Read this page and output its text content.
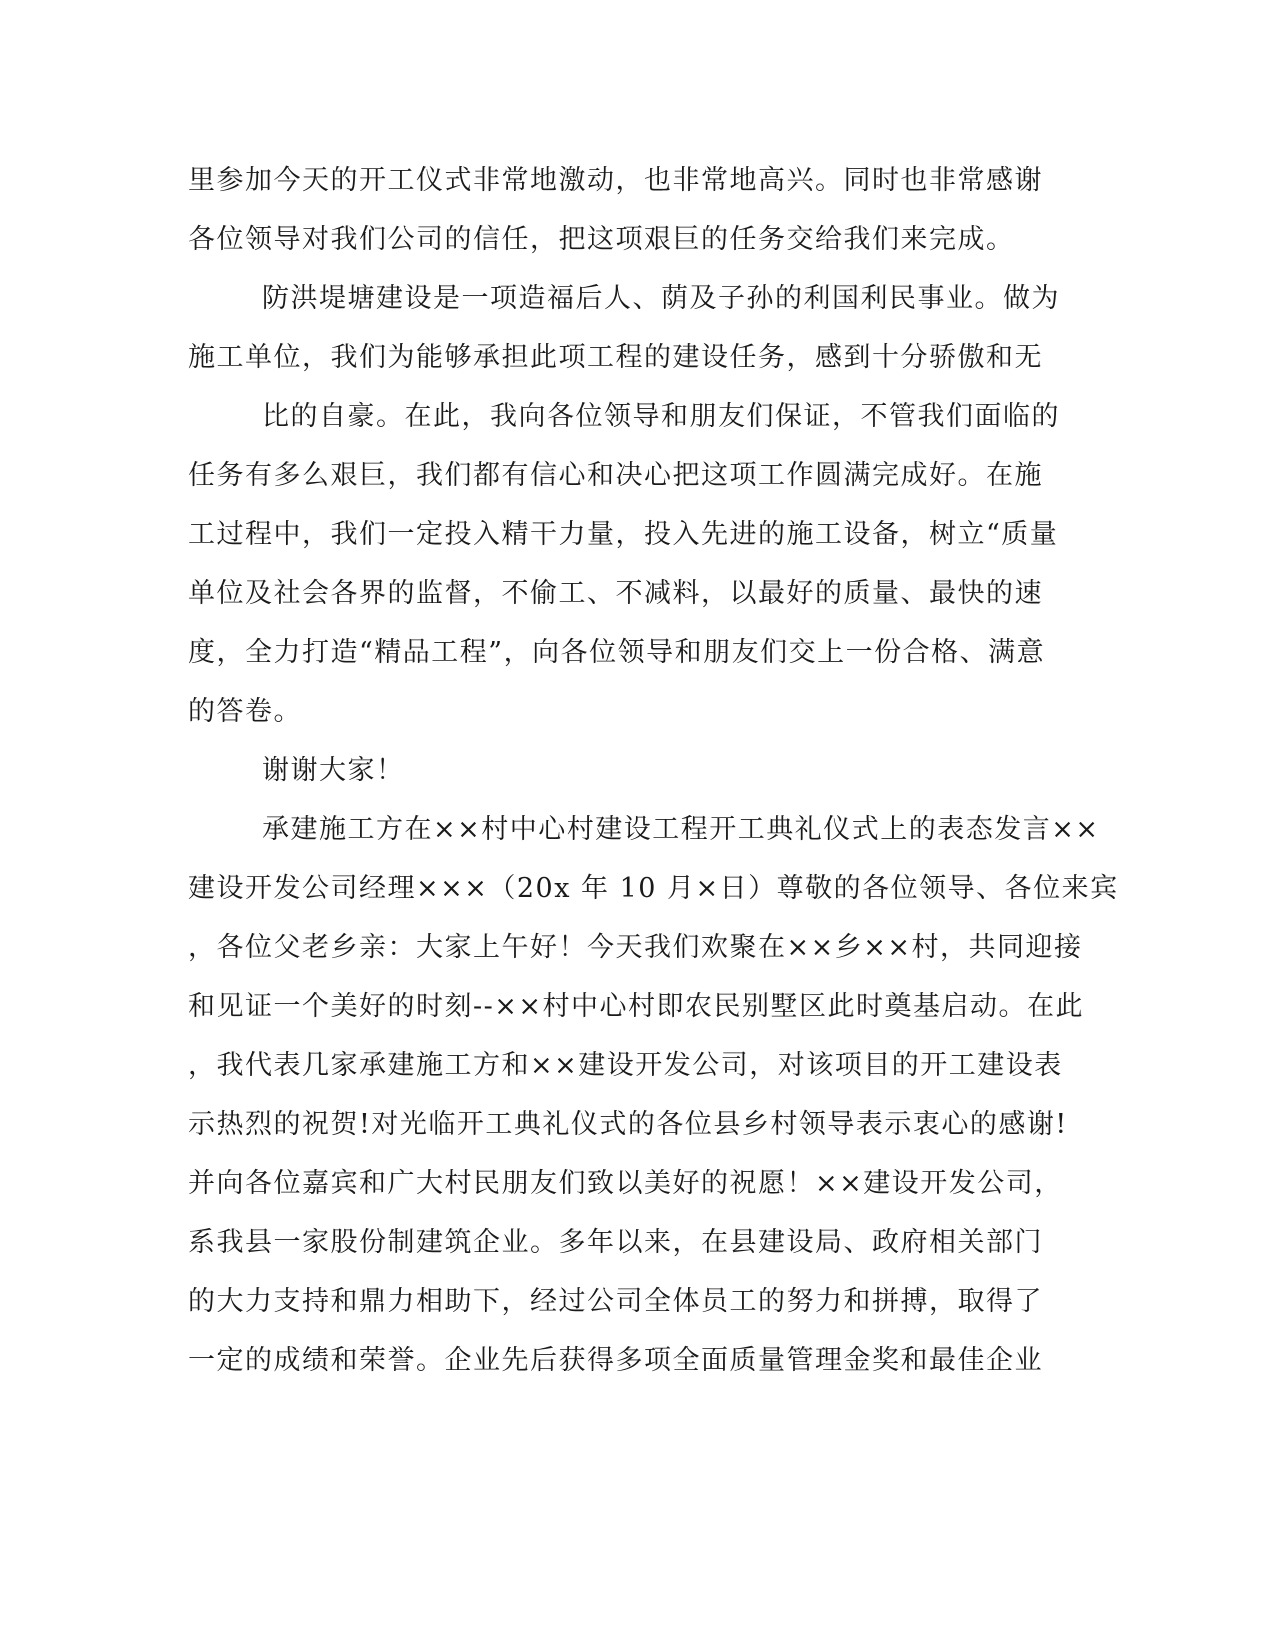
里参加今天的开工仪式非常地激动，也非常地高兴。同时也非常感谢
各位领导对我们公司的信任，把这项艰巨的任务交给我们来完成。
防洪堤塘建设是一项造福后人、荫及子孙的利国利民事业。做为
施工单位，我们为能够承担此项工程的建设任务，感到十分骄傲和无
比的自豪。在此，我向各位领导和朋友们保证，不管我们面临的
任务有多么艰巨，我们都有信心和决心把这项工作圆满完成好。在施
工过程中，我们一定投入精干力量，投入先进的施工设备，树立“质量
单位及社会各界的监督，不偷工、不减料，以最好的质量、最快的速
度，全力打造“精品工程”，向各位领导和朋友们交上一份合格、满意
的答卷。
谢谢大家！
承建施工方在××村中心村建设工程开工典礼仪式上的表态发言××
建设开发公司经理×××（20x 年 10 月×日）尊敬的各位领导、各位来宾
，各位父老乡亲：大家上午好！今天我们欢聚在××乡××村，共同迎接
和见证一个美好的时刻--××村中心村即农民别墅区此时奠基启动。在此
，我代表几家承建施工方和××建设开发公司，对该项目的开工建设表
示热烈的祝贺!对光临开工典礼仪式的各位县乡村领导表示衷心的感谢!
并向各位嘉宾和广大村民朋友们致以美好的祝愿！××建设开发公司，
系我县一家股份制建筑企业。多年以来，在县建设局、政府相关部门
的大力支持和鼎力相助下，经过公司全体员工的努力和拼搏，取得了
一定的成绩和荣誉。企业先后获得多项全面质量管理金奖和最佳企业
